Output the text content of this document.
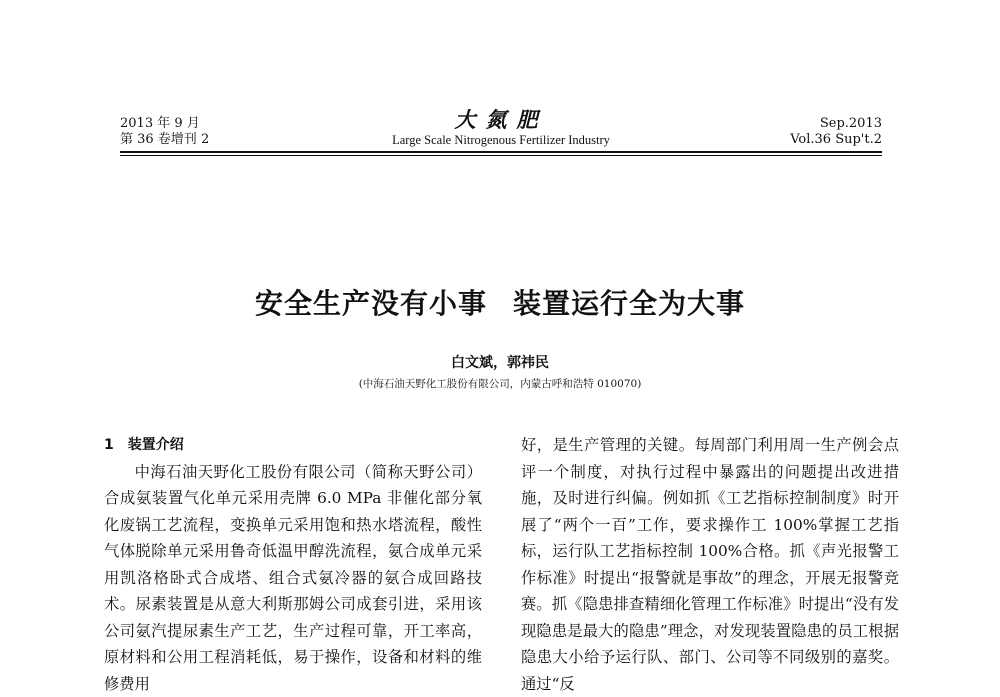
2013 年 9 月
第 36 卷增刊 2
大氮肥
Large Scale Nitrogenous Fertilizer Industry
Sep.2013
Vol.36 Sup't.2
安全生产没有小事 装置运行全为大事
白文斌，郭祎民
(中海石油天野化工股份有限公司，内蒙古呼和浩特 010070)
1 装置介绍

中海石油天野化工股份有限公司（简称天野公司）合成氨装置气化单元采用壳牌 6.0 MPa 非催化部分氧化废锅工艺流程，变换单元采用饱和热水塔流程，酸性气体脱除单元采用鲁奇低温甲醇洗流程，氨合成单元采用凯洛格卧式合成塔、组合式氨冷器的氨合成回路技术。尿素装置是从意大利斯那姆公司成套引进，采用该公司氨汽提尿素生产工艺，生产过程可靠，开工率高，原材料和公用工程消耗低，易于操作，设备和材料的维修费用

好，是生产管理的关键。每周部门利用周一生产例会点评一个制度，对执行过程中暴露出的问题提出改进措施，及时进行纠偏。例如抓《工艺指标控制制度》时开展了“两个一百”工作，要求操作工 100%掌握工艺指标，运行队工艺指标控制 100%合格。抓《声光报警工作标准》时提出“报警就是事故”的理念，开展无报警竞赛。抓《隐患排查精细化管理工作标准》时提出“没有发现隐患是最大的隐患”理念，对发现装置隐患的员工根据隐患大小给予运行队、部门、公司等不同级别的嘉奖。通过“反
